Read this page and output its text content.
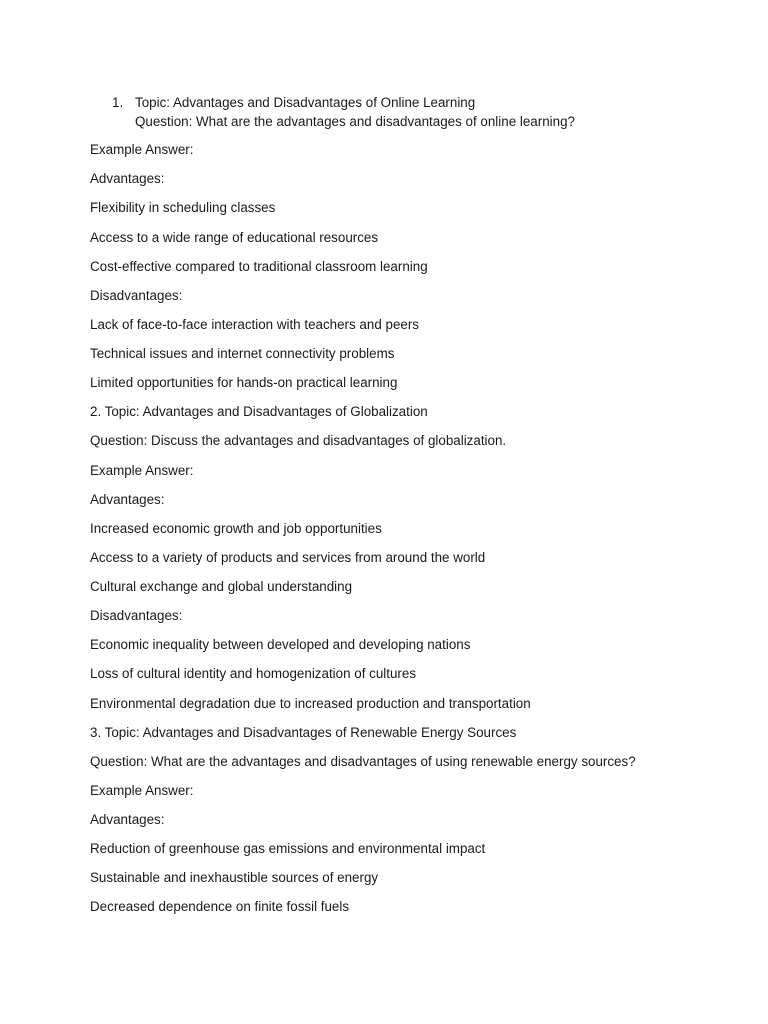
1. Topic: Advantages and Disadvantages of Online Learning
Question: What are the advantages and disadvantages of online learning?
Example Answer:
Advantages:
Flexibility in scheduling classes
Access to a wide range of educational resources
Cost-effective compared to traditional classroom learning
Disadvantages:
Lack of face-to-face interaction with teachers and peers
Technical issues and internet connectivity problems
Limited opportunities for hands-on practical learning
2. Topic: Advantages and Disadvantages of Globalization
Question: Discuss the advantages and disadvantages of globalization.
Example Answer:
Advantages:
Increased economic growth and job opportunities
Access to a variety of products and services from around the world
Cultural exchange and global understanding
Disadvantages:
Economic inequality between developed and developing nations
Loss of cultural identity and homogenization of cultures
Environmental degradation due to increased production and transportation
3. Topic: Advantages and Disadvantages of Renewable Energy Sources
Question: What are the advantages and disadvantages of using renewable energy sources?
Example Answer:
Advantages:
Reduction of greenhouse gas emissions and environmental impact
Sustainable and inexhaustible sources of energy
Decreased dependence on finite fossil fuels
